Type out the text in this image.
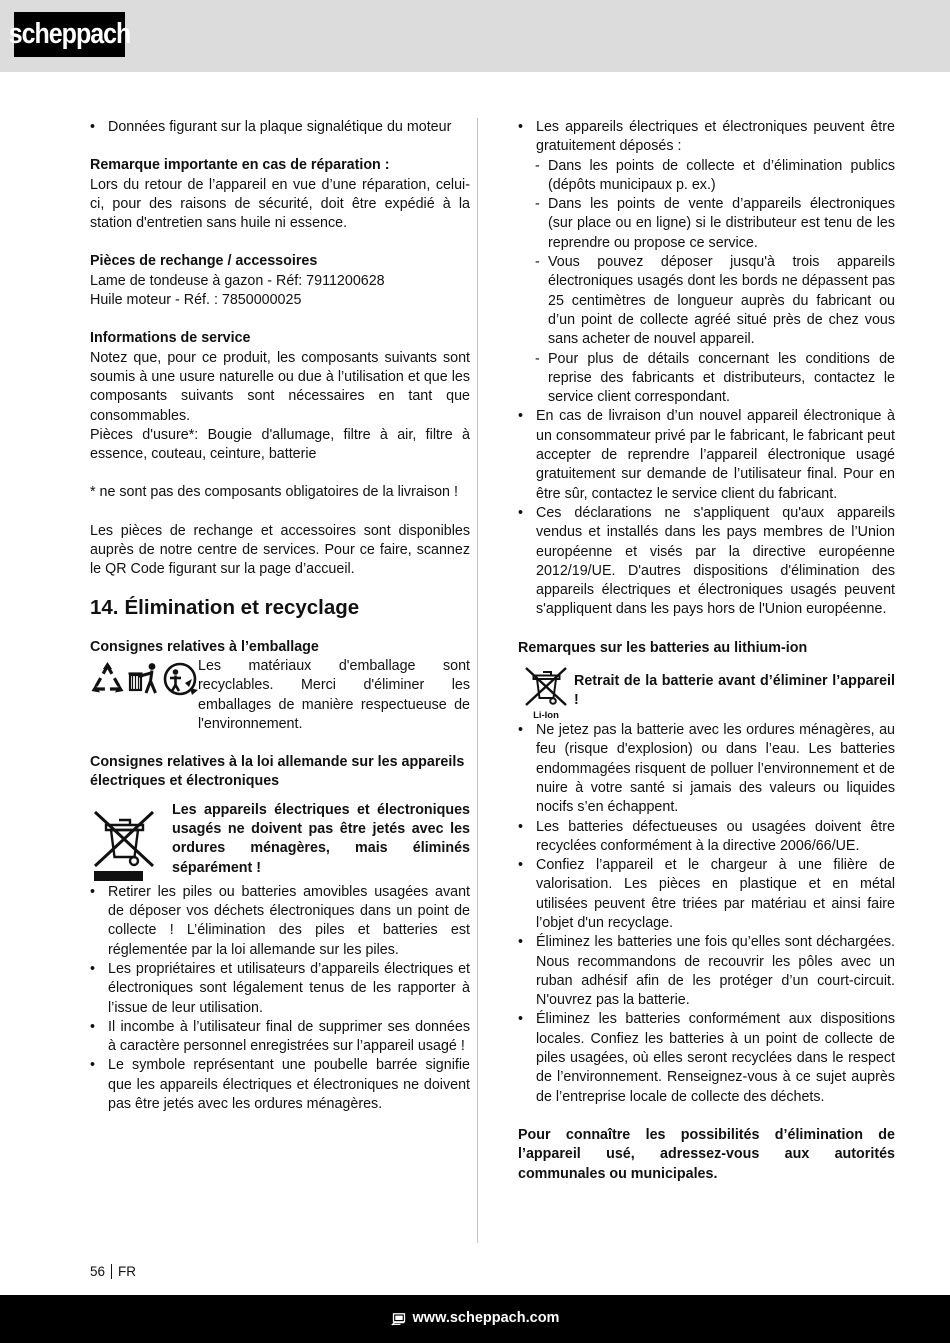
scheppach
• Données figurant sur la plaque signalétique du moteur

Remarque importante en cas de réparation :

Lors du retour de l’appareil en vue d’une réparation, celui-ci, pour des raisons de sécurité, doit être expédié à la station d'entretien sans huile ni essence.

Pièces de rechange / accessoires

Lame de tondeuse à gazon - Réf: 7911200628

Huile moteur - Réf. : 7850000025

Informations de service

Notez que, pour ce produit, les composants suivants sont soumis à une usure naturelle ou due à l’utilisation et que les composants suivants sont nécessaires en tant que consommables.

Pièces d'usure*: Bougie d'allumage, filtre à air, filtre à essence, couteau, ceinture, batterie

* ne sont pas des composants obligatoires de la livraison !

Les pièces de rechange et accessoires sont disponibles auprès de notre centre de services. Pour ce faire, scannez le QR Code figurant sur la page d’accueil.

14. Élimination et recyclage

Consignes relatives à l’emballage

Les matériaux d'emballage sont recyclables. Merci d'éliminer les emballages de manière respectueuse de l'environnement.

Consignes relatives à la loi allemande sur les appareils électriques et électroniques

Les appareils électriques et électroniques usagés ne doivent pas être jetés avec les ordures ménagères, mais éliminés séparément !
• Retirer les piles ou batteries amovibles usagées avant de déposer vos déchets électroniques dans un point de collecte ! L’élimination des piles et batteries est réglementée par la loi allemande sur les piles.
• Les propriétaires et utilisateurs d’appareils électriques et électroniques sont légalement tenus de les rapporter à l’issue de leur utilisation.
• Il incombe à l’utilisateur final de supprimer ses données à caractère personnel enregistrées sur l’appareil usagé !
• Le symbole représentant une poubelle barrée signifie que les appareils électriques et électroniques ne doivent pas être jetés avec les ordures ménagères.
• Les appareils électriques et électroniques peuvent être gratuitement déposés :
- Dans les points de collecte et d’élimination publics (dépôts municipaux p. ex.)
- Dans les points de vente d’appareils électroniques (sur place ou en ligne) si le distributeur est tenu de les reprendre ou propose ce service.
- Vous pouvez déposer jusqu'à trois appareils électroniques usagés dont les bords ne dépassent pas 25 centimètres de longueur auprès du fabricant ou d’un point de collecte agréé situé près de chez vous sans acheter de nouvel appareil.
- Pour plus de détails concernant les conditions de reprise des fabricants et distributeurs, contactez le service client correspondant.
• En cas de livraison d’un nouvel appareil électronique à un consommateur privé par le fabricant, le fabricant peut accepter de reprendre l’appareil électronique usagé gratuitement sur demande de l’utilisateur final. Pour en être sûr, contactez le service client du fabricant.
• Ces déclarations ne s'appliquent qu'aux appareils vendus et installés dans les pays membres de l’Union européenne et visés par la directive européenne 2012/19/UE. D'autres dispositions d'élimination des appareils électriques et électroniques usagés peuvent s'appliquent dans les pays hors de l'Union européenne.

Remarques sur les batteries au lithium-ion

Li-Ion
Retrait de la batterie avant d’éliminer l’appareil !
• Ne jetez pas la batterie avec les ordures ménagères, au feu (risque d'explosion) ou dans l’eau. Les batteries endommagées risquent de polluer l’environnement et de nuire à votre santé si jamais des valeurs ou liquides nocifs s’en échappent.
• Les batteries défectueuses ou usagées doivent être recyclées conformément à la directive 2006/66/UE.
• Confiez l’appareil et le chargeur à une filière de valorisation. Les pièces en plastique et en métal utilisées peuvent être triées par matériau et ainsi faire l’objet d'un recyclage.
• Éliminez les batteries une fois qu’elles sont déchargées. Nous recommandons de recouvrir les pôles avec un ruban adhésif afin de les protéger d’un court-circuit. N'ouvrez pas la batterie.
• Éliminez les batteries conformément aux dispositions locales. Confiez les batteries à un point de collecte de piles usagées, où elles seront recyclées dans le respect de l’environnement. Renseignez-vous à ce sujet auprès de l’entreprise locale de collecte des déchets.

Pour connaître les possibilités d’élimination de l’appareil usé, adressez-vous aux autorités communales ou municipales.

56 FR
www.scheppach.com
